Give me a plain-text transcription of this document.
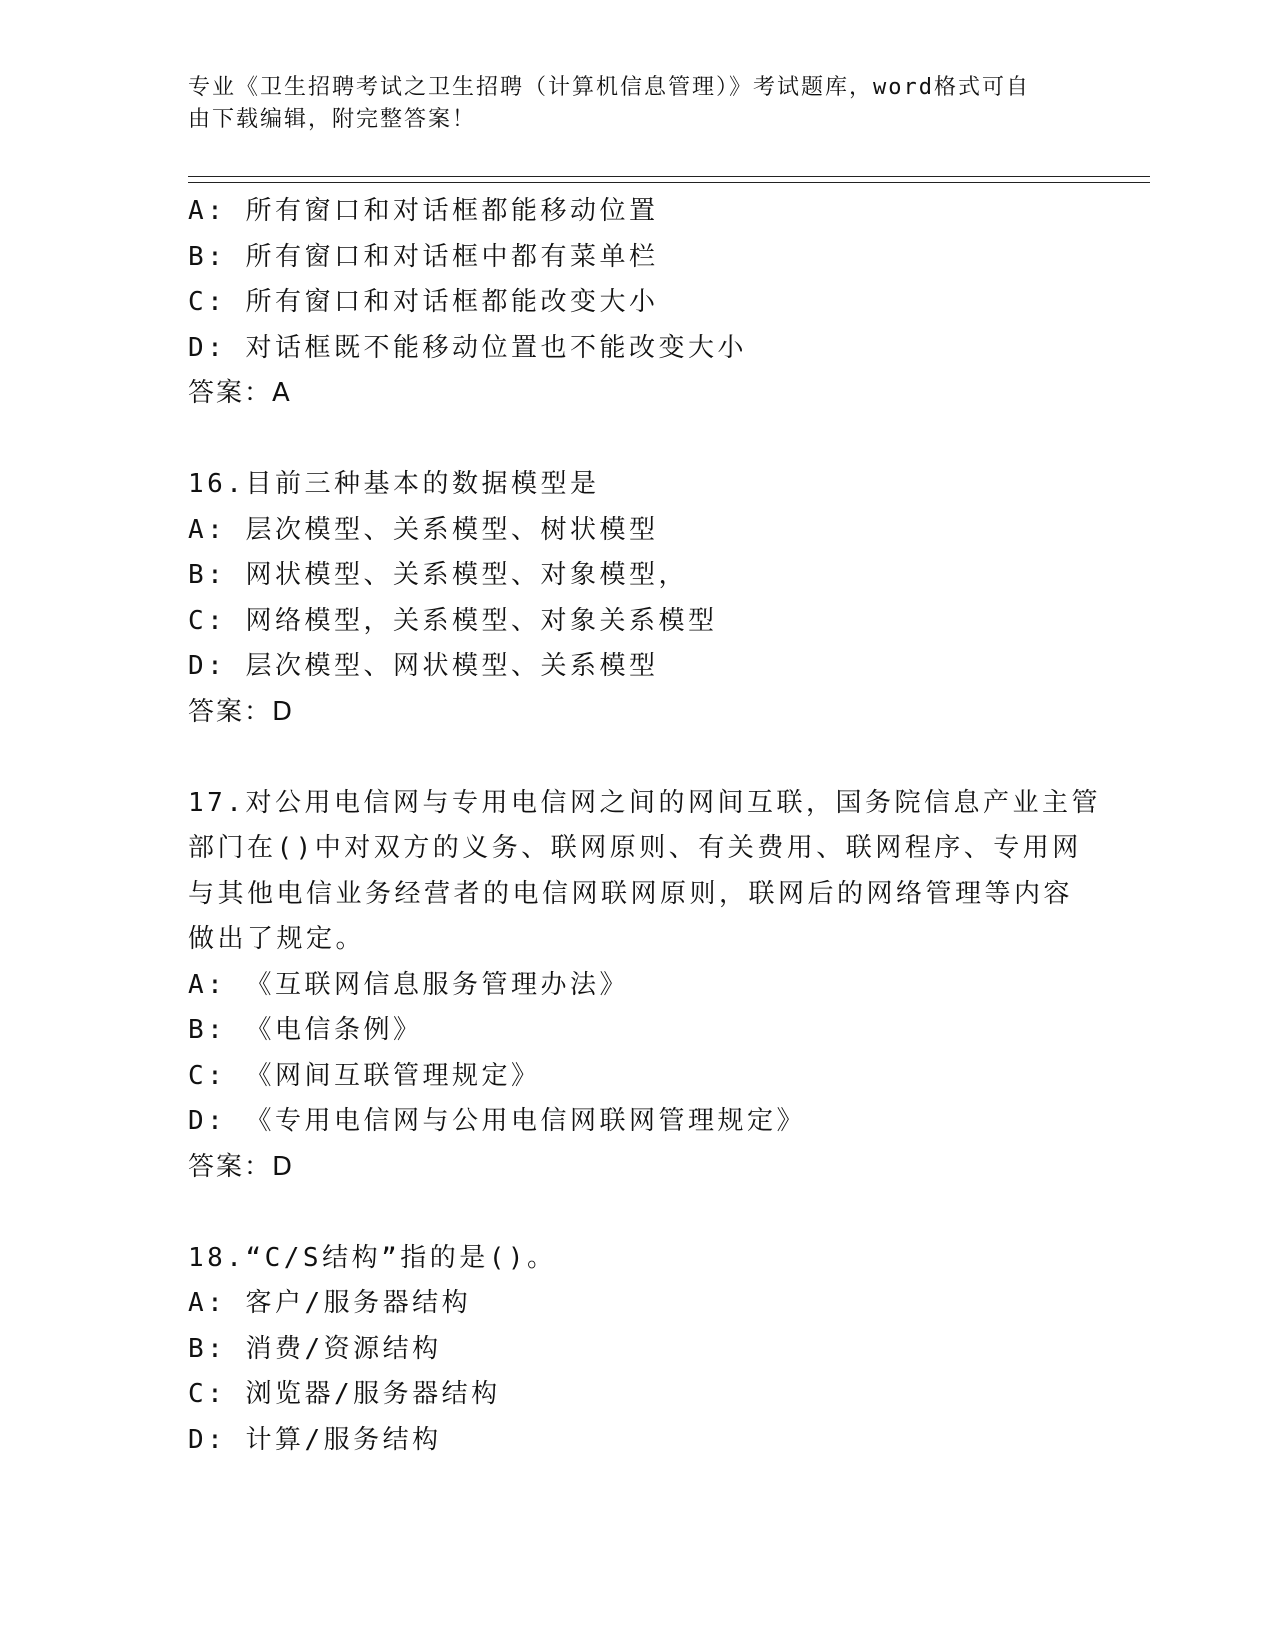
专业《卫生招聘考试之卫生招聘（计算机信息管理）》考试题库，word格式可自
由下载编辑，附完整答案！
A: 所有窗口和对话框都能移动位置
B: 所有窗口和对话框中都有菜单栏
C: 所有窗口和对话框都能改变大小
D: 对话框既不能移动位置也不能改变大小
答案：A
16.目前三种基本的数据模型是
A: 层次模型、关系模型、树状模型
B: 网状模型、关系模型、对象模型，
C: 网络模型，关系模型、对象关系模型
D: 层次模型、网状模型、关系模型
答案：D
17.对公用电信网与专用电信网之间的网间互联，国务院信息产业主管
部门在()中对双方的义务、联网原则、有关费用、联网程序、专用网
与其他电信业务经营者的电信网联网原则，联网后的网络管理等内容
做出了规定。
A: 《互联网信息服务管理办法》
B: 《电信条例》
C: 《网间互联管理规定》
D: 《专用电信网与公用电信网联网管理规定》
答案：D
18.“C/S结构”指的是()。
A: 客户/服务器结构
B: 消费/资源结构
C: 浏览器/服务器结构
D: 计算/服务结构
